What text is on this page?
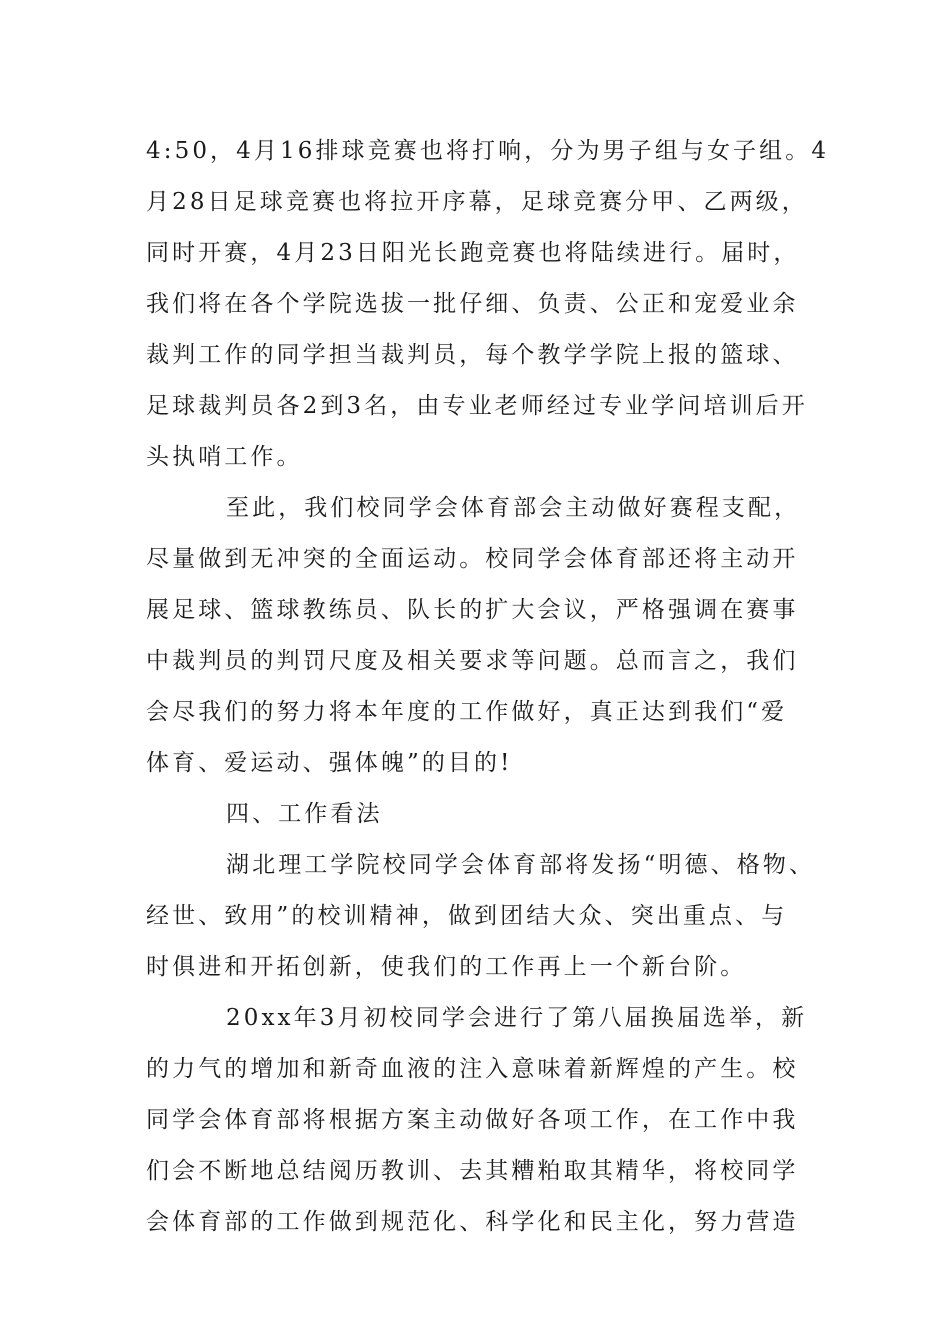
4:50，4月16排球竞赛也将打响，分为男子组与女子组。4
月28日足球竞赛也将拉开序幕，足球竞赛分甲、乙两级，
同时开赛，4月23日阳光长跑竞赛也将陆续进行。届时，
我们将在各个学院选拔一批仔细、负责、公正和宠爱业余
裁判工作的同学担当裁判员，每个教学学院上报的篮球、
足球裁判员各2到3名，由专业老师经过专业学问培训后开
头执哨工作。
至此，我们校同学会体育部会主动做好赛程支配，
尽量做到无冲突的全面运动。校同学会体育部还将主动开
展足球、篮球教练员、队长的扩大会议，严格强调在赛事
中裁判员的判罚尺度及相关要求等问题。总而言之，我们
会尽我们的努力将本年度的工作做好，真正达到我们“爱
体育、爱运动、强体魄”的目的!
四、工作看法
湖北理工学院校同学会体育部将发扬“明德、格物、
经世、致用”的校训精神，做到团结大众、突出重点、与
时俱进和开拓创新，使我们的工作再上一个新台阶。
20xx年3月初校同学会进行了第八届换届选举，新
的力气的增加和新奇血液的注入意味着新辉煌的产生。校
同学会体育部将根据方案主动做好各项工作，在工作中我
们会不断地总结阅历教训、去其糟粕取其精华，将校同学
会体育部的工作做到规范化、科学化和民主化，努力营造
